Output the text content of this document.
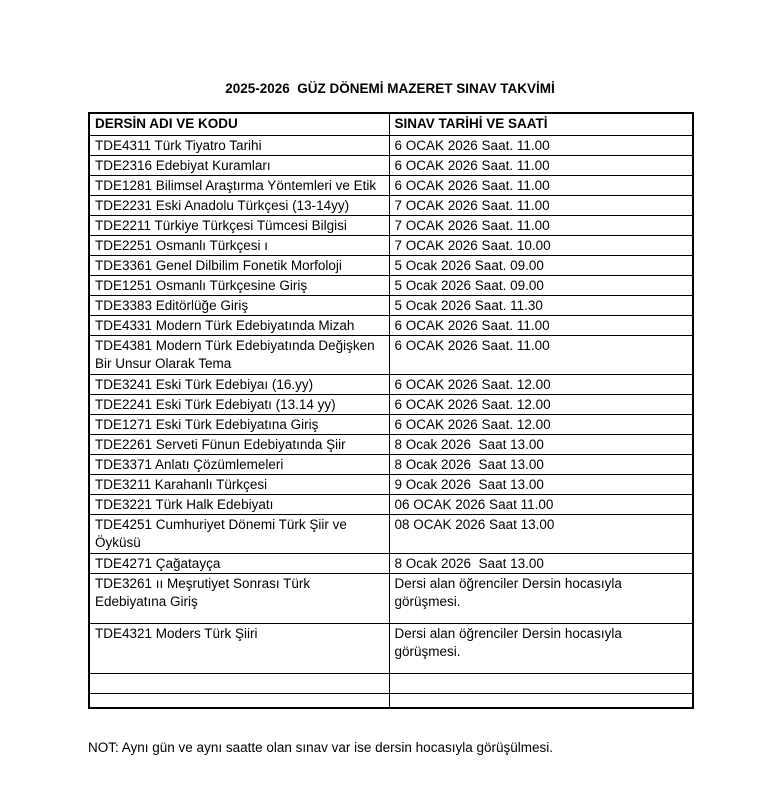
2025-2026  GÜZ DÖNEMİ MAZERET SINAV TAKVİMİ
DERSİN ADI VE KODU	SINAV TARİHİ VE SAATİ
TDE4311 Türk Tiyatro Tarihi	6 OCAK 2026 Saat. 11.00
TDE2316 Edebiyat Kuramları	6 OCAK 2026 Saat. 11.00
TDE1281 Bilimsel Araştırma Yöntemleri ve Etik	6 OCAK 2026 Saat. 11.00
TDE2231 Eski Anadolu Türkçesi (13-14yy)	7 OCAK 2026 Saat. 11.00
TDE2211 Türkiye Türkçesi Tümcesi Bilgisi	7 OCAK 2026 Saat. 11.00
TDE2251 Osmanlı Türkçesi ı	7 OCAK 2026 Saat. 10.00
TDE3361 Genel Dilbilim Fonetik Morfoloji	5 Ocak 2026 Saat. 09.00
TDE1251 Osmanlı Türkçesine Giriş	5 Ocak 2026 Saat. 09.00
TDE3383 Editörlüğe Giriş	5 Ocak 2026 Saat. 11.30
TDE4331 Modern Türk Edebiyatında Mizah	6 OCAK 2026 Saat. 11.00
TDE4381 Modern Türk Edebiyatında Değişken Bir Unsur Olarak Tema	6 OCAK 2026 Saat. 11.00
TDE3241 Eski Türk Edebiyaı (16.yy)	6 OCAK 2026 Saat. 12.00
TDE2241 Eski Türk Edebiyatı (13.14 yy)	6 OCAK 2026 Saat. 12.00
TDE1271 Eski Türk Edebiyatına Giriş	6 OCAK 2026 Saat. 12.00
TDE2261 Serveti Fünun Edebiyatında Şiir	8 Ocak 2026  Saat 13.00
TDE3371 Anlatı Çözümlemeleri	8 Ocak 2026  Saat 13.00
TDE3211 Karahanlı Türkçesi	9 Ocak 2026  Saat 13.00
TDE3221 Türk Halk Edebiyatı	06 OCAK 2026 Saat 11.00
TDE4251 Cumhuriyet Dönemi Türk Şiir ve Öyküsü	08 OCAK 2026 Saat 13.00
TDE4271 Çağatayça	8 Ocak 2026  Saat 13.00
TDE3261 ıı Meşrutiyet Sonrası Türk Edebiyatına Giriş	Dersi alan öğrenciler Dersin hocasıyla görüşmesi.
TDE4321 Moders Türk Şiiri	Dersi alan öğrenciler Dersin hocasıyla görüşmesi.

NOT: Aynı gün ve aynı saatte olan sınav var ise dersin hocasıyla görüşülmesi.
